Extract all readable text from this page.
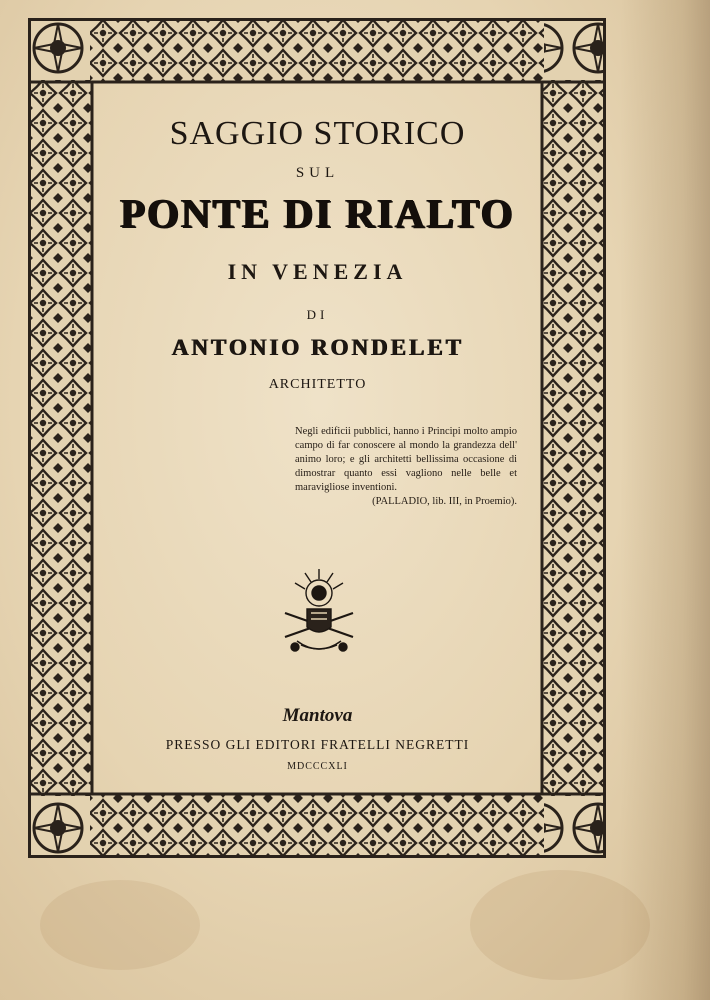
SAGGIO STORICO
SUL
PONTE DI RIALTO
IN VENEZIA
DI
ANTONIO RONDELET
ARCHITETTO
Negli edificii pubblici, hanno i Principi molto ampio campo di far conoscere al mondo la grandezza dell' animo loro; e gli architetti bellissima occasione di dimostrar quanto essi vagliono nelle belle et maravigliose inventioni.
(PALLADIO, lib. III, in Proemio).
Mantova
PRESSO GLI EDITORI FRATELLI NEGRETTI
MDCCCXLI
